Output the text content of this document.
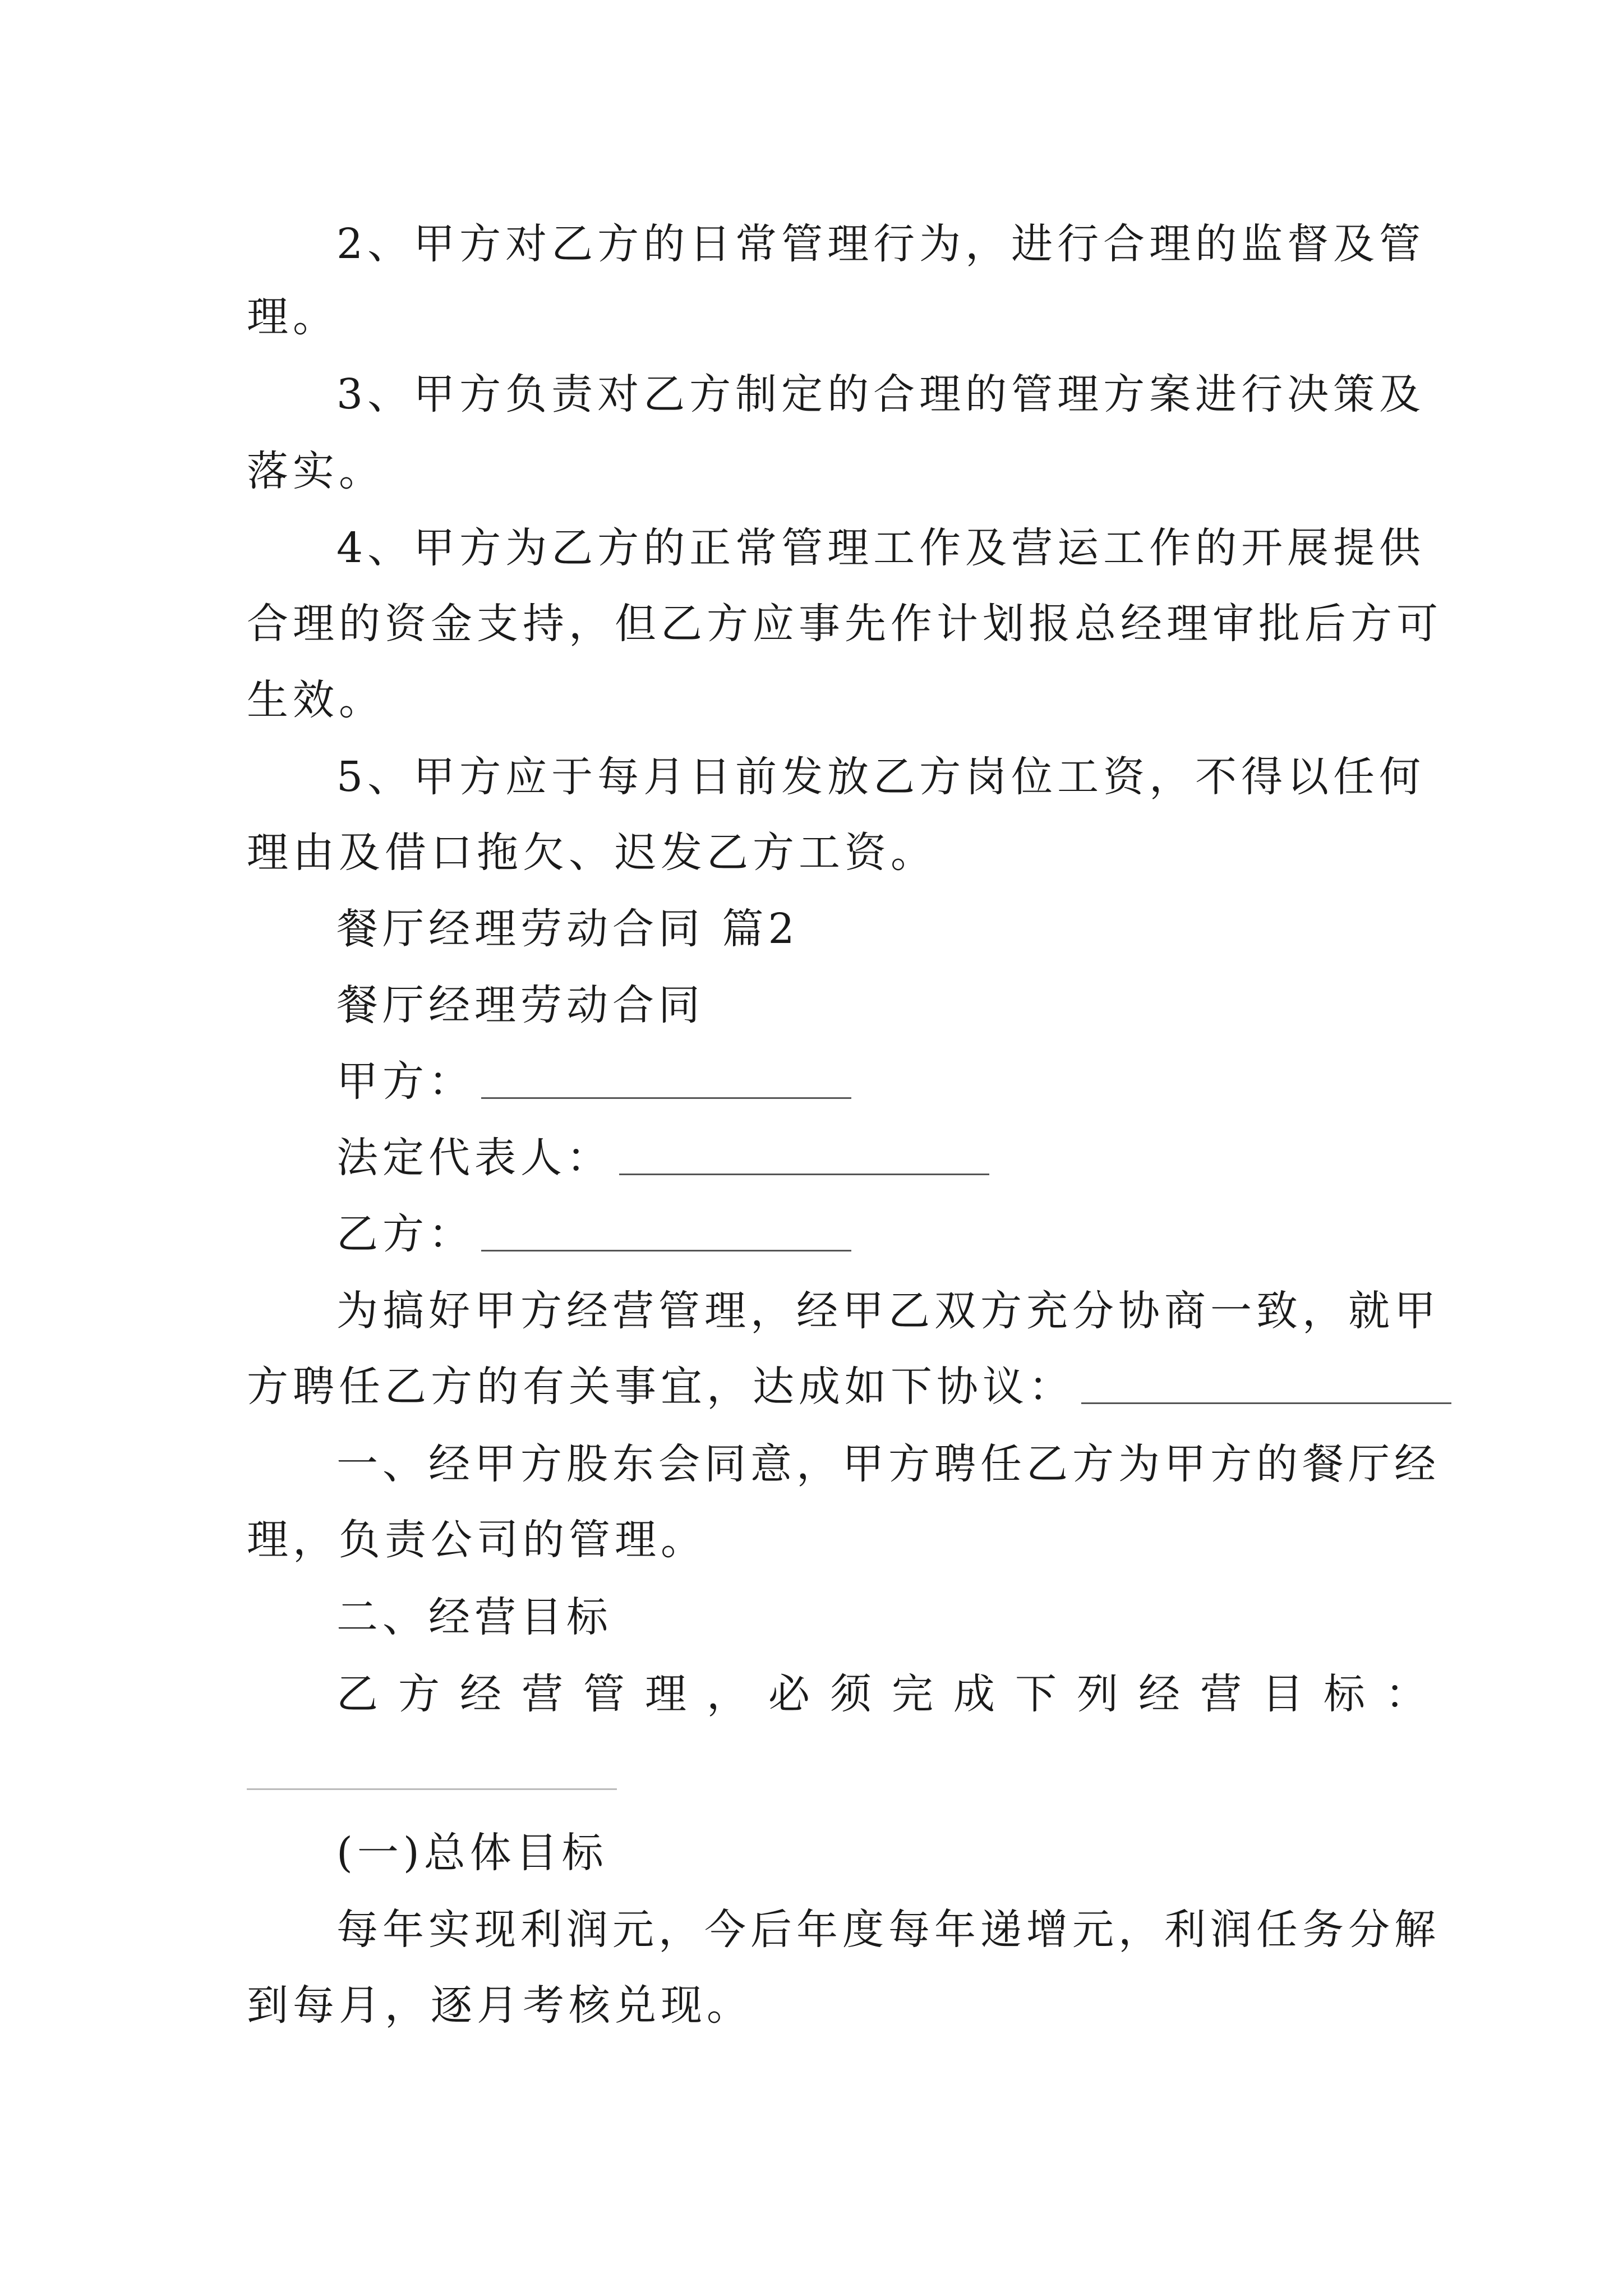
2、甲方对乙方的日常管理行为，进行合理的监督及管
理。
3、甲方负责对乙方制定的合理的管理方案进行决策及
落实。
4、甲方为乙方的正常管理工作及营运工作的开展提供
合理的资金支持，但乙方应事先作计划报总经理审批后方可
生效。
5、甲方应于每月日前发放乙方岗位工资，不得以任何
理由及借口拖欠、迟发乙方工资。
餐厅经理劳动合同 篇2
餐厅经理劳动合同
甲方：
法定代表人：
乙方：
为搞好甲方经营管理，经甲乙双方充分协商一致，就甲
方聘任乙方的有关事宜，达成如下协议：
一、经甲方股东会同意，甲方聘任乙方为甲方的餐厅经
理，负责公司的管理。
二、经营目标
乙方经营管理，必须完成下列经营目标：
(一)总体目标
每年实现利润元，今后年度每年递增元，利润任务分解
到每月，逐月考核兑现。
